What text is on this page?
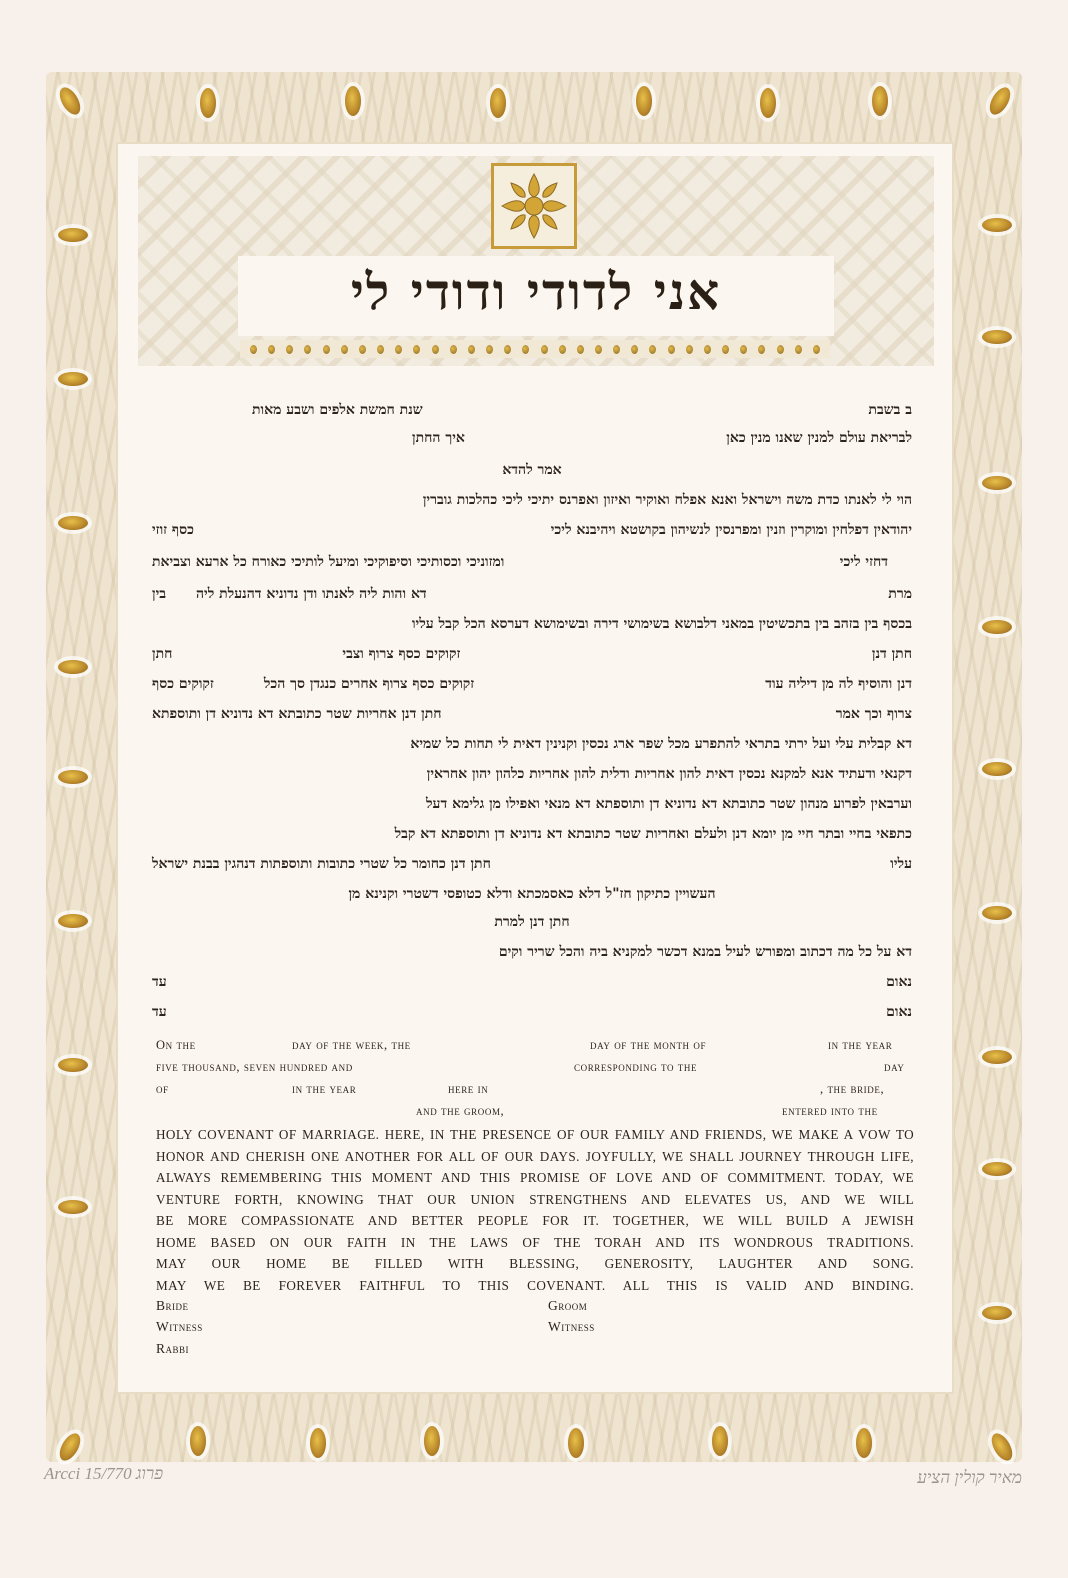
אני לדודי ודודי לי
ב בשבת
שנת חמשת אלפים ושבע מאות
לבריאת עולם למנין שאנו מנין כאן
איך החתן
אמר להדא
הוי לי לאנתו כדת משה וישראל ואנא אפלח ואוקיר ואיזון ואפרנס יתיכי ליכי כהלכות גוברין
יהודאין דפלחין ומוקרין וזנין ומפרנסין לנשיהון בקושטא ויהיבנא ליכי
כסף זוזי
דחזי ליכי
ומזוניכי וכסותיכי וסיפוקיכי ומיעל לותיכי כאורח כל ארעא וצביאת
מרת
דא והות ליה לאנתו ודן נדוניא דהנעלת ליה
בין
בכסף בין בזהב בין בתכשיטין במאני דלבושא בשימושי דירה ובשימושא דערסא הכל קבל עליו
חתן דנן
זקוקים כסף צרוף וצבי
חתן
דנן והוסיף לה מן דיליה עוד
זקוקים כסף צרוף אחרים כנגדן סך הכל
זקוקים כסף
צרוף וכך אמר
חתן דנן אחריות שטר כתובתא דא נדוניא דן ותוספתא
דא קבלית עלי ועל ירתי בתראי להתפרע מכל שפר ארג נכסין וקנינין דאית לי תחות כל שמיא
דקנאי ודעתיד אנא למקנא נכסין דאית להון אחריות ודלית להון אחריות כלהון יהון אחראין
וערבאין לפרוע מנהון שטר כתובתא דא נדוניא דן ותוספתא דא מנאי ואפילו מן גלימא דעל
כתפאי בחיי ובתר חיי מן יומא דנן ולעלם ואחריות שטר כתובתא דא נדוניא דן ותוספתא דא קבל
עליו
חתן דנן כחומר כל שטרי כתובות ותוספתות דנהגין בבנת ישראל
העשויין כתיקון חז"ל דלא כאסמכתא ודלא כטופסי דשטרי וקנינא מן
חתן דנן למרת
דא על כל מה דכתוב ומפורש לעיל במנא דכשר למקניא ביה והכל שריר וקים
נאום
עד
נאום
עד
On the	day of the week, the	day of the month of	in the year
five thousand, seven hundred and	corresponding to the	day
of	in the year	here in	, the bride,
and the groom,	entered into the
HOLY COVENANT OF MARRIAGE. HERE, IN THE PRESENCE OF OUR FAMILY AND FRIENDS, WE MAKE A VOW TO
HONOR AND CHERISH ONE ANOTHER FOR ALL OF OUR DAYS. JOYFULLY, WE SHALL JOURNEY THROUGH LIFE,
ALWAYS REMEMBERING THIS MOMENT AND THIS PROMISE OF LOVE AND OF COMMITMENT. TODAY, WE
VENTURE FORTH, KNOWING THAT OUR UNION STRENGTHENS AND ELEVATES US, AND WE WILL
BE MORE COMPASSIONATE AND BETTER PEOPLE FOR IT. TOGETHER, WE WILL BUILD A JEWISH
HOME BASED ON OUR FAITH IN THE LAWS OF THE TORAH AND ITS WONDROUS TRADITIONS.
MAY OUR HOME BE FILLED WITH BLESSING, GENEROSITY, LAUGHTER AND SONG.
MAY WE BE FOREVER FAITHFUL TO THIS COVENANT. ALL THIS IS VALID AND BINDING.
Bride	Groom
Witness	Witness
Rabbi
Arcci פרוג 15/770	מאיר קולין הציע
